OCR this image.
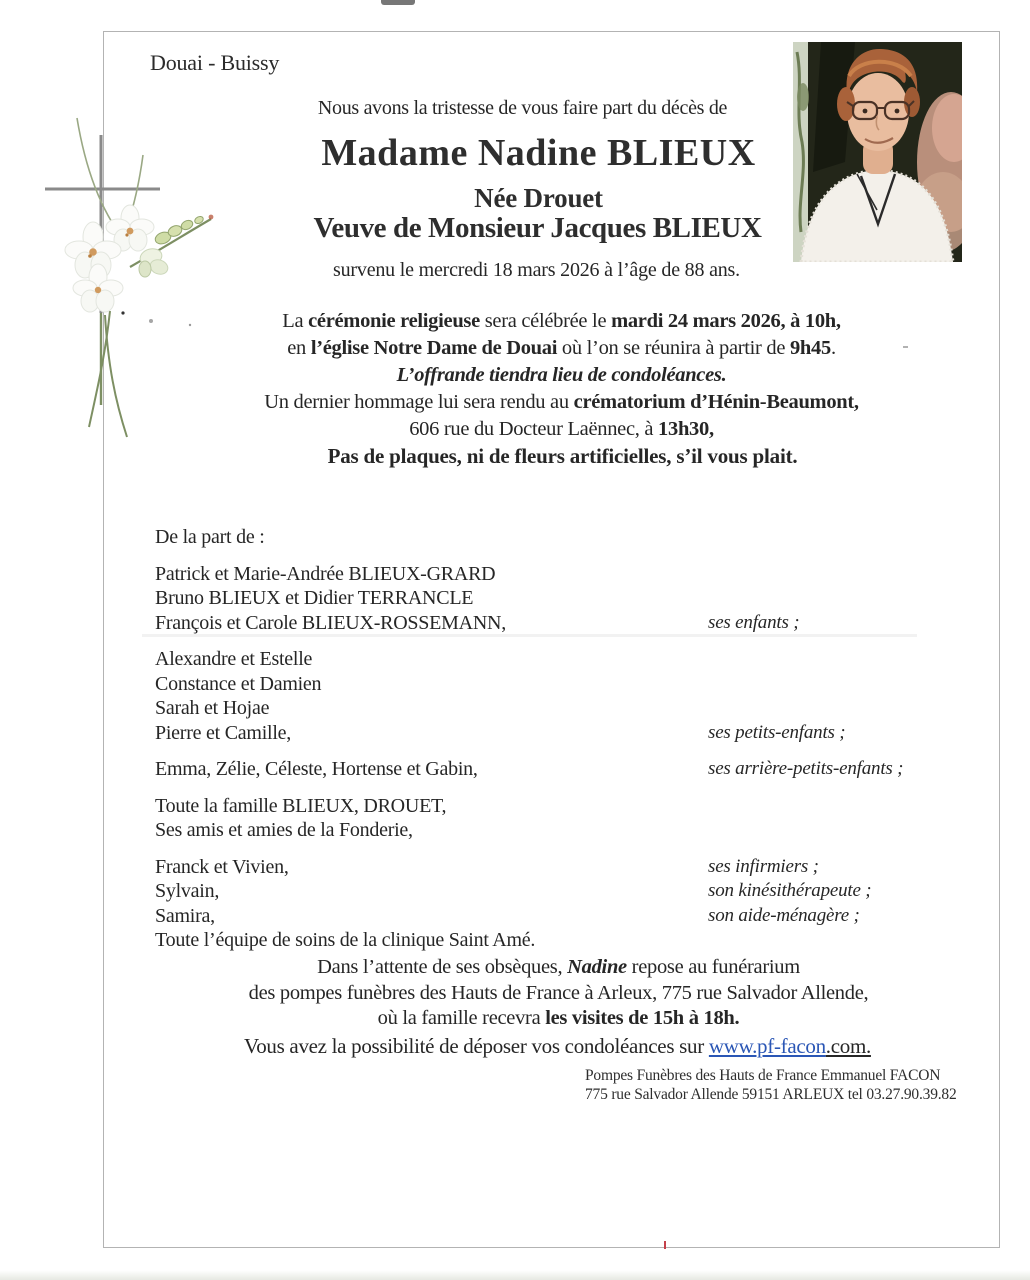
Douai - Buissy
Nous avons la tristesse de vous faire part du décès de
Madame Nadine BLIEUX
Née Drouet
Veuve de Monsieur Jacques BLIEUX
survenu le mercredi 18 mars 2026 à l’âge de 88 ans.
La cérémonie religieuse sera célébrée le mardi 24 mars 2026, à 10h,
en l’église Notre Dame de Douai où l’on se réunira à partir de 9h45.
L’offrande tiendra lieu de condoléances.
Un dernier hommage lui sera rendu au crématorium d’Hénin-Beaumont,
606 rue du Docteur Laënnec, à 13h30,
Pas de plaques, ni de fleurs artificielles, s’il vous plait.
De la part de :
Patrick et Marie-Andrée BLIEUX-GRARD
Bruno BLIEUX et Didier TERRANCLE
François et Carole BLIEUX-ROSSEMANN,	ses enfants ;
Alexandre et Estelle
Constance et Damien
Sarah et Hojae
Pierre et Camille,	ses petits-enfants ;
Emma, Zélie, Céleste, Hortense et Gabin,	ses arrière-petits-enfants ;
Toute la famille BLIEUX, DROUET,
Ses amis et amies de la Fonderie,
Franck et Vivien,	ses infirmiers ;
Sylvain,	son kinésithérapeute ;
Samira,	son aide-ménagère ;
Toute l’équipe de soins de la clinique Saint Amé.
Dans l’attente de ses obsèques, Nadine repose au funérarium
des pompes funèbres des Hauts de France à Arleux, 775 rue Salvador Allende,
où la famille recevra les visites de 15h à 18h.
Vous avez la possibilité de déposer vos condoléances sur www.pf-facon.com.
Pompes Funèbres des Hauts de France Emmanuel FACON
775 rue Salvador Allende 59151 ARLEUX tel 03.27.90.39.82
